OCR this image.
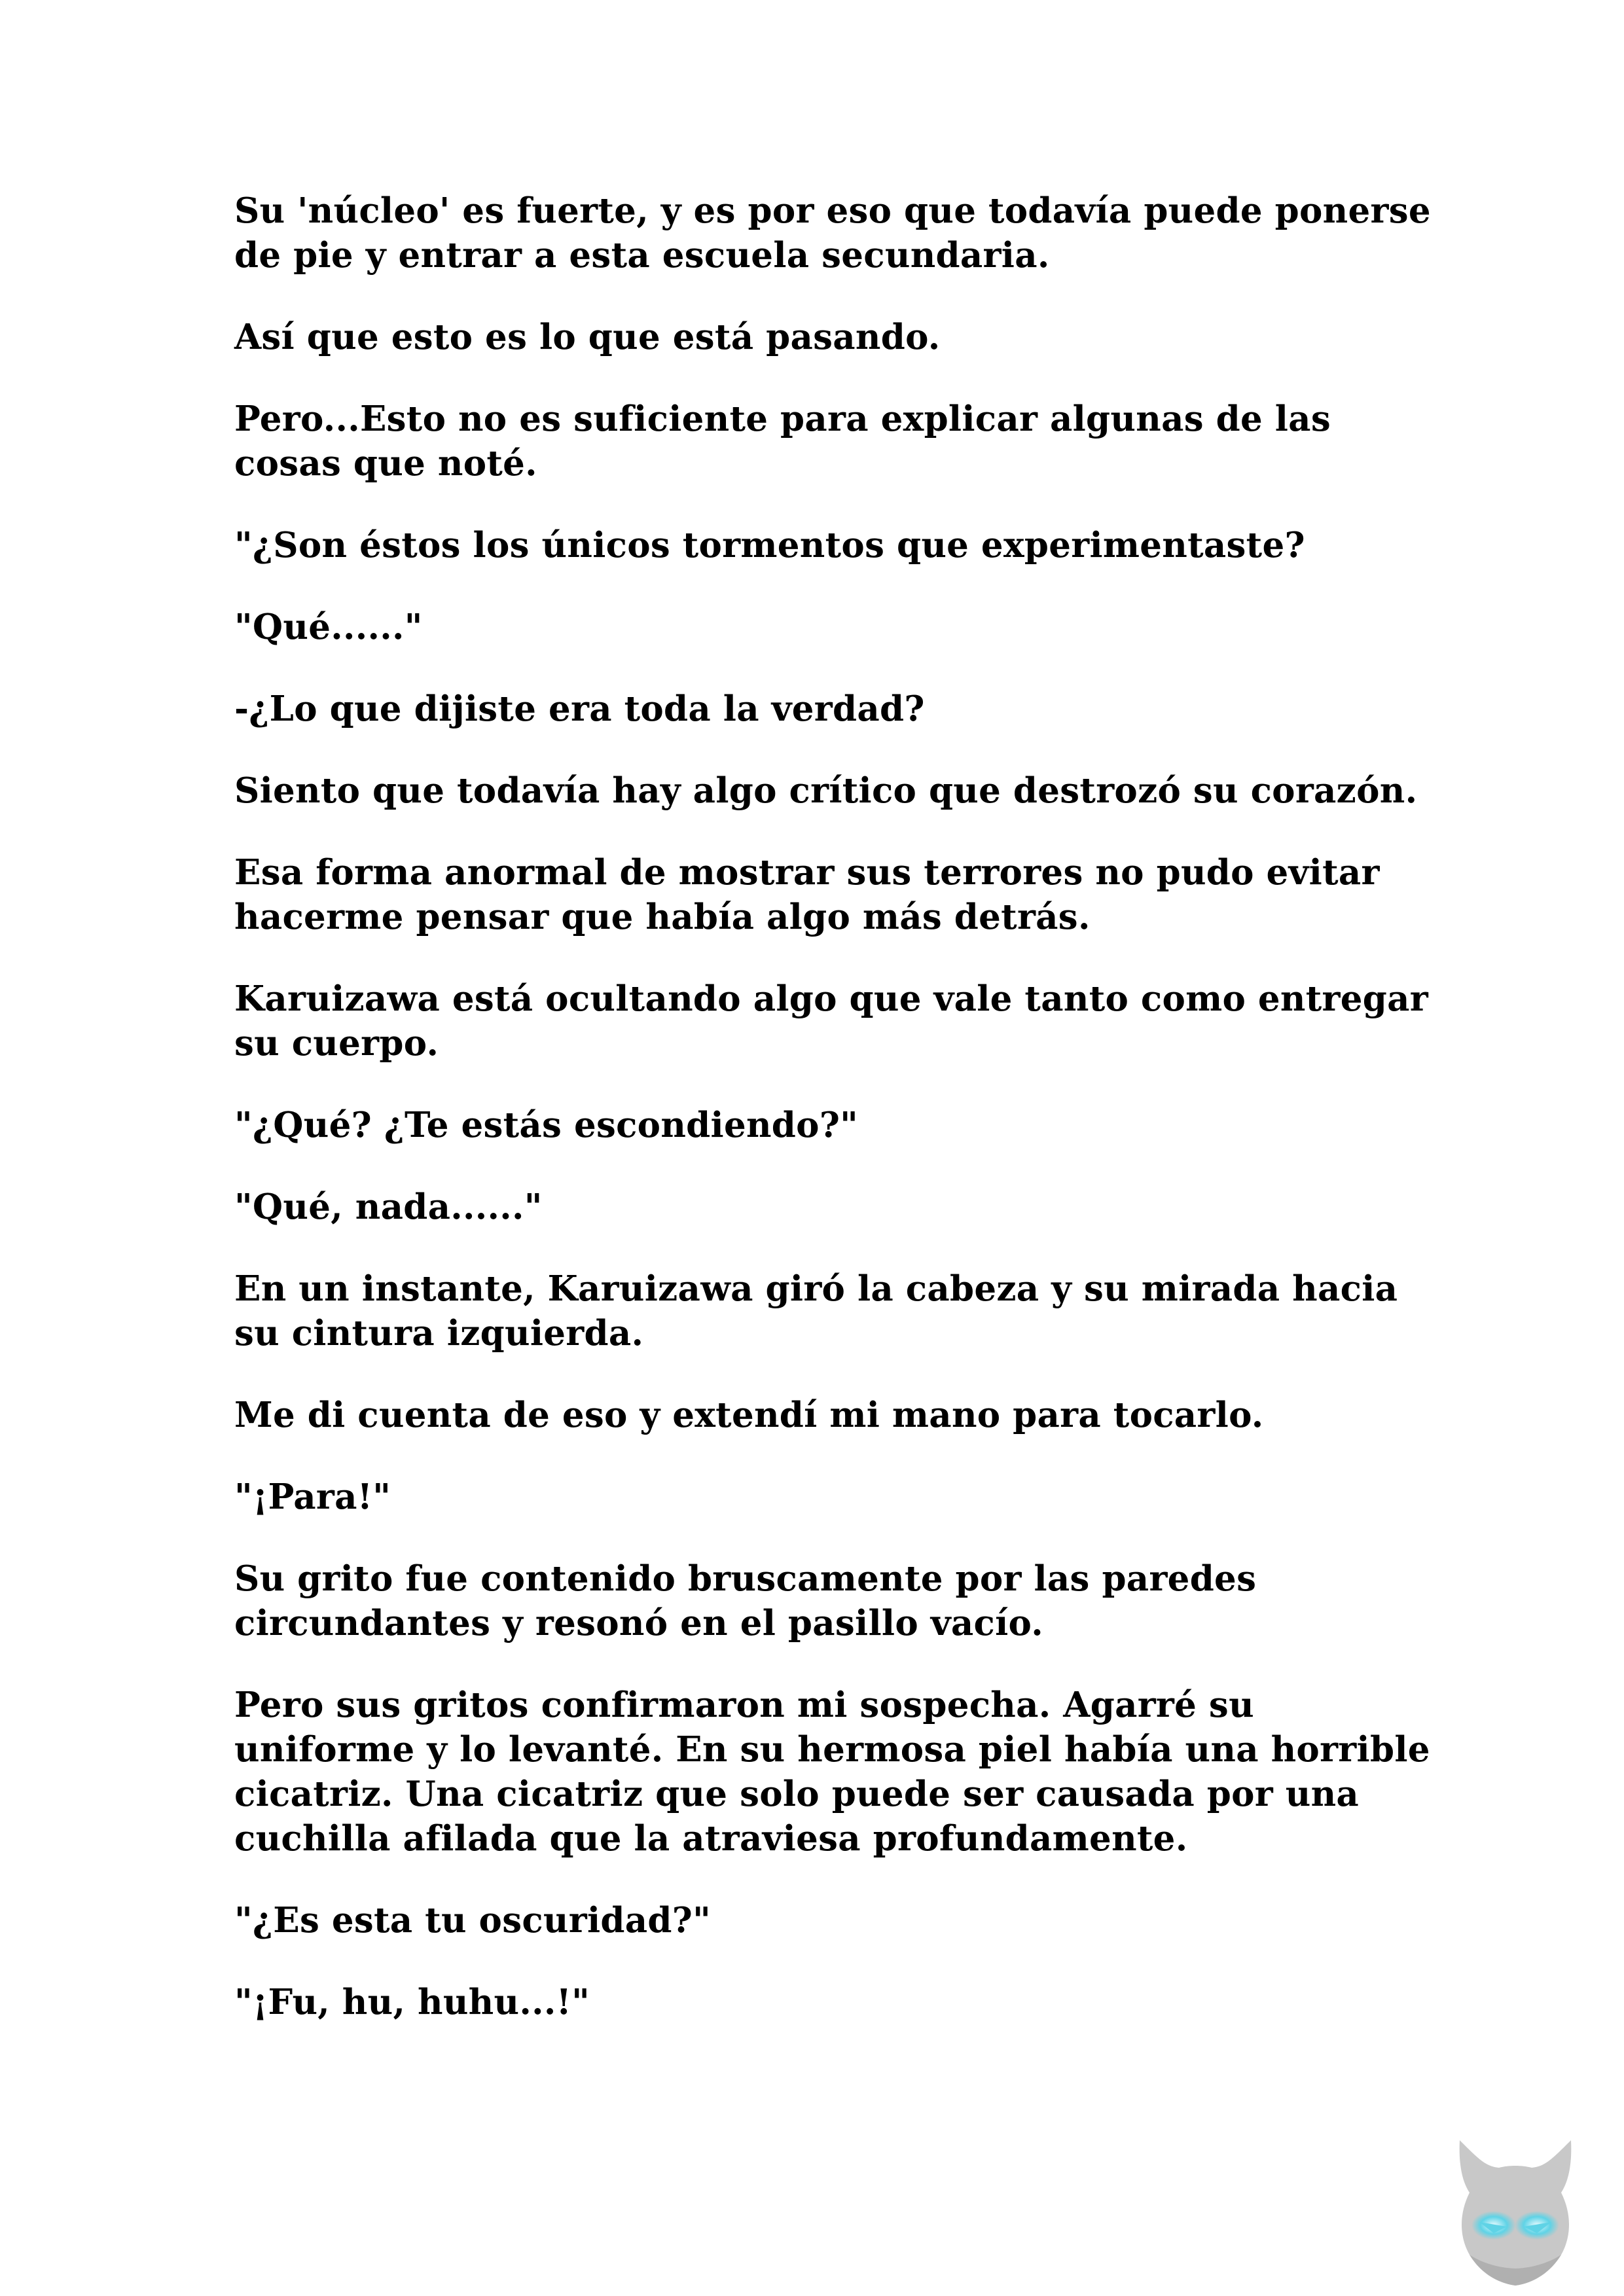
Su 'núcleo' es fuerte, y es por eso que todavía puede ponerse de pie y entrar a esta escuela secundaria.

Así que esto es lo que está pasando.

Pero...Esto no es suficiente para explicar algunas de las cosas que noté.

"¿Son éstos los únicos tormentos que experimentaste?

"Qué......"

-¿Lo que dijiste era toda la verdad?

Siento que todavía hay algo crítico que destrozó su corazón.

Esa forma anormal de mostrar sus terrores no pudo evitar hacerme pensar que había algo más detrás.

Karuizawa está ocultando algo que vale tanto como entregar su cuerpo.

"¿Qué? ¿Te estás escondiendo?"

"Qué, nada......"

En un instante, Karuizawa giró la cabeza y su mirada hacia su cintura izquierda.

Me di cuenta de eso y extendí mi mano para tocarlo.

"¡Para!"

Su grito fue contenido bruscamente por las paredes circundantes y resonó en el pasillo vacío.

Pero sus gritos confirmaron mi sospecha. Agarré su uniforme y lo levanté. En su hermosa piel había una horrible cicatriz. Una cicatriz que solo puede ser causada por una cuchilla afilada que la atraviesa profundamente.

"¿Es esta tu oscuridad?"

"¡Fu, hu, huhu...!"
